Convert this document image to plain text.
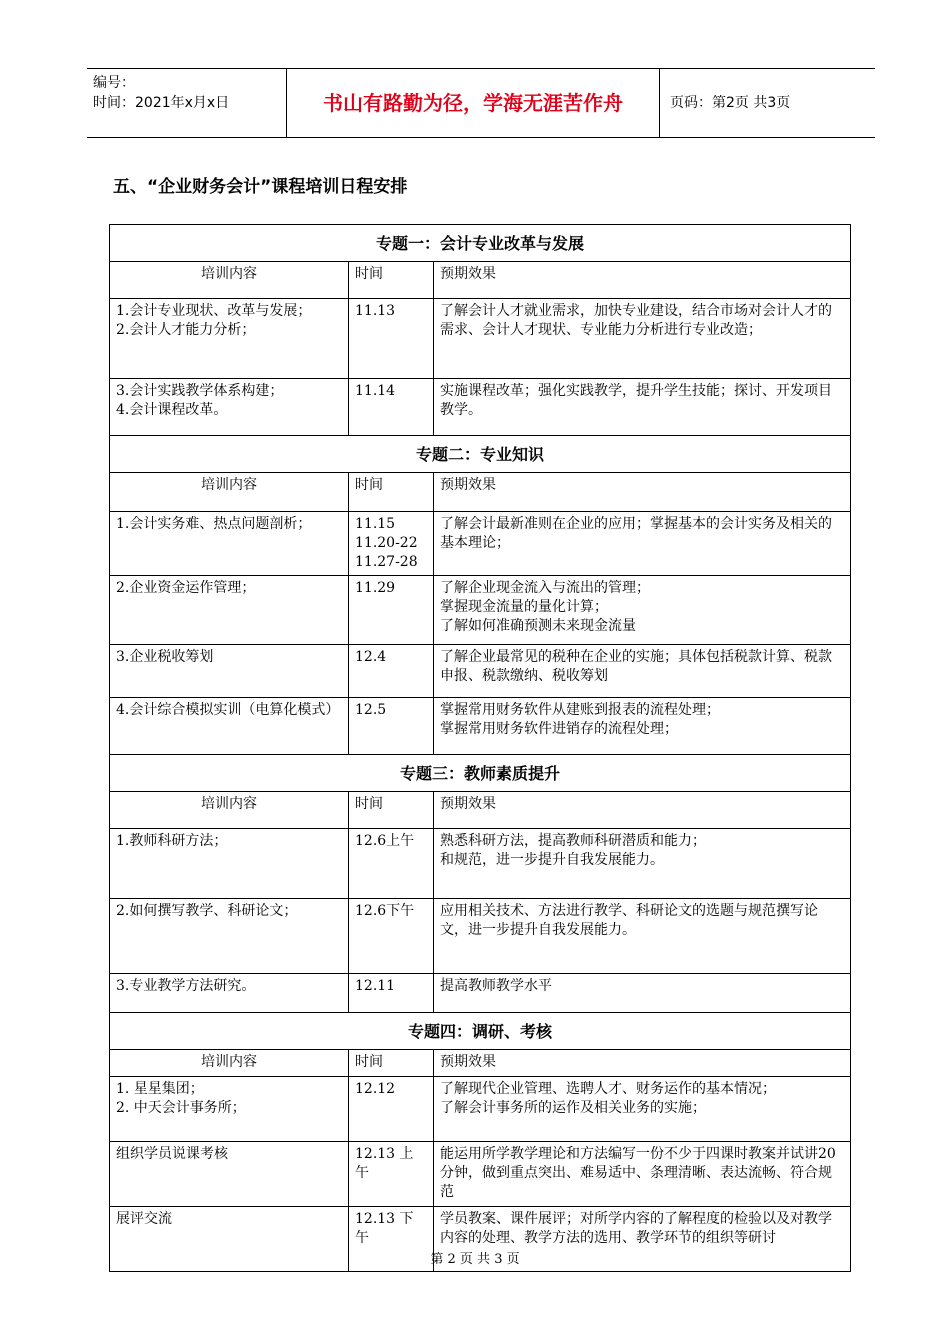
编号：
时间：2021年x月x日	书山有路勤为径，学海无涯苦作舟	页码：第2页 共3页
五、“企业财务会计”课程培训日程安排
专题一：会计专业改革与发展		
培训内容	时间	预期效果

1.会计专业现状、改革与发展；
2.会计人才能力分析；	11.13	了解会计人才就业需求，加快专业建设，结合市场对会计人才的需求、会计人才现状、专业能力分析进行专业改造；

3.会计实践教学体系构建；
4.会计课程改革。	11.14	实施课程改革；强化实践教学，提升学生技能；探讨、开发项目教学。

专题二：专业知识		
培训内容	时间	预期效果

1.会计实务难、热点问题剖析；	11.15
11.20-22
11.27-28	了解会计最新准则在企业的应用；掌握基本的会计实务及相关的基本理论；

2.企业资金运作管理；	11.29	了解企业现金流入与流出的管理；
掌握现金流量的量化计算；
了解如何准确预测未来现金流量

3.企业税收筹划	12.4	了解企业最常见的税种在企业的实施；具体包括税款计算、税款申报、税款缴纳、税收筹划

4.会计综合模拟实训（电算化模式）	12.5	掌握常用财务软件从建账到报表的流程处理；
掌握常用财务软件进销存的流程处理；

专题三：教师素质提升		
培训内容	时间	预期效果

1.教师科研方法；	12.6上午	熟悉科研方法，提高教师科研潜质和能力；
和规范，进一步提升自我发展能力。

2.如何撰写教学、科研论文；	12.6下午	应用相关技术、方法进行教学、科研论文的选题与规范撰写论文，进一步提升自我发展能力。

3.专业教学方法研究。	12.11	提高教师教学水平

专题四：调研、考核		
培训内容	时间	预期效果

1. 星星集团；
2. 中天会计事务所；	12.12	了解现代企业管理、选聘人才、财务运作的基本情况；
了解会计事务所的运作及相关业务的实施；

组织学员说课考核	12.13 上午	能运用所学教学理论和方法编写一份不少于四课时教案并试讲20分钟，做到重点突出、难易适中、条理清晰、表达流畅、符合规范

展评交流	12.13 下午	学员教案、课件展评；对所学内容的了解程度的检验以及对教学内容的处理、教学方法的选用、教学环节的组织等研讨
第 2 页 共 3 页
